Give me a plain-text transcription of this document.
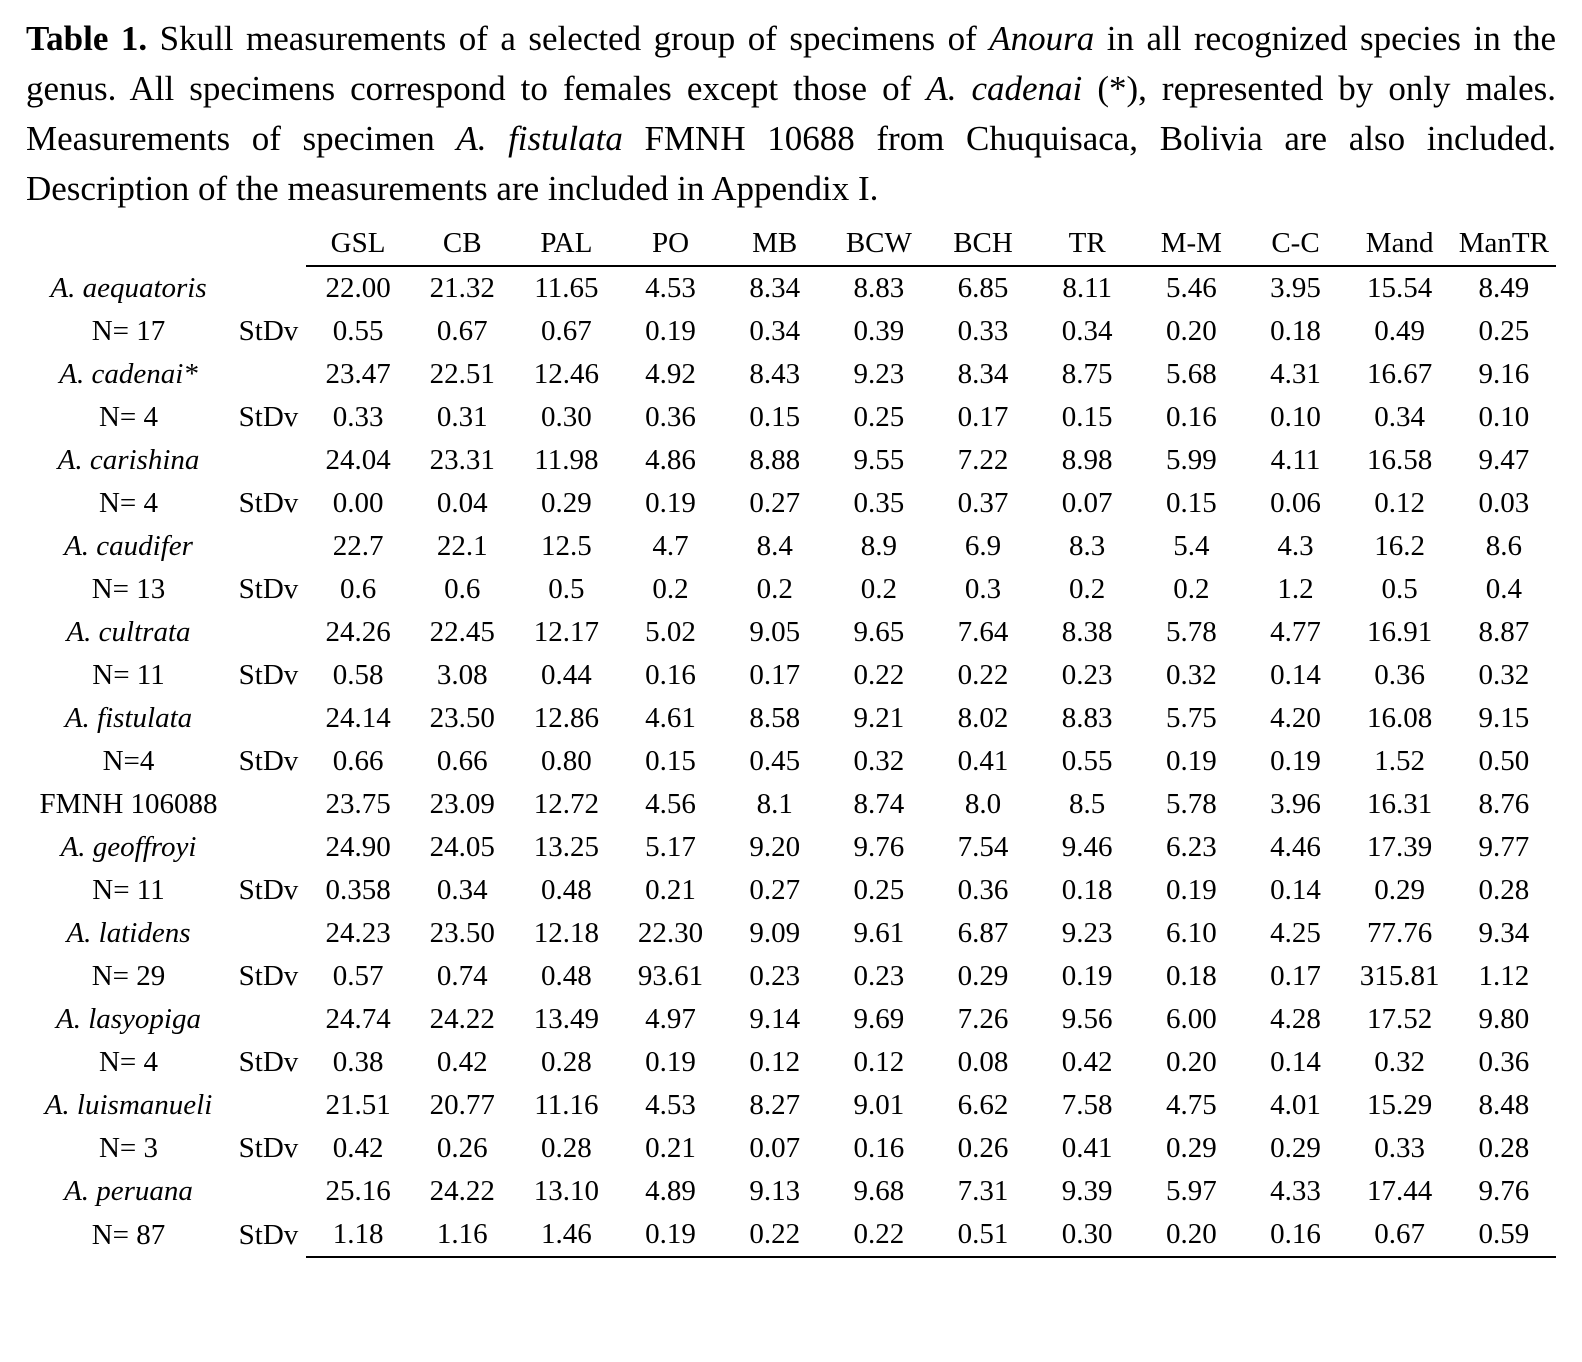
Table 1. Skull measurements of a selected group of specimens of Anoura in all recognized species in the genus. All specimens correspond to females except those of A. cadenai (*), represented by only males. Measurements of specimen A. fistulata FMNH 10688 from Chuquisaca, Bolivia are also included. Description of the measurements are included in Appendix I.

		GSL	CB	PAL	PO	MB	BCW	BCH	TR	M-M	C-C	Mand	ManTR
A. aequatoris		22.00	21.32	11.65	4.53	8.34	8.83	6.85	8.11	5.46	3.95	15.54	8.49
N= 17	StDv	0.55	0.67	0.67	0.19	0.34	0.39	0.33	0.34	0.20	0.18	0.49	0.25
A. cadenai*		23.47	22.51	12.46	4.92	8.43	9.23	8.34	8.75	5.68	4.31	16.67	9.16
N= 4	StDv	0.33	0.31	0.30	0.36	0.15	0.25	0.17	0.15	0.16	0.10	0.34	0.10
A. carishina		24.04	23.31	11.98	4.86	8.88	9.55	7.22	8.98	5.99	4.11	16.58	9.47
N= 4	StDv	0.00	0.04	0.29	0.19	0.27	0.35	0.37	0.07	0.15	0.06	0.12	0.03
A. caudifer		22.7	22.1	12.5	4.7	8.4	8.9	6.9	8.3	5.4	4.3	16.2	8.6
N= 13	StDv	0.6	0.6	0.5	0.2	0.2	0.2	0.3	0.2	0.2	1.2	0.5	0.4
A. cultrata		24.26	22.45	12.17	5.02	9.05	9.65	7.64	8.38	5.78	4.77	16.91	8.87
N= 11	StDv	0.58	3.08	0.44	0.16	0.17	0.22	0.22	0.23	0.32	0.14	0.36	0.32
A. fistulata		24.14	23.50	12.86	4.61	8.58	9.21	8.02	8.83	5.75	4.20	16.08	9.15
N=4	StDv	0.66	0.66	0.80	0.15	0.45	0.32	0.41	0.55	0.19	0.19	1.52	0.50
FMNH 106088		23.75	23.09	12.72	4.56	8.1	8.74	8.0	8.5	5.78	3.96	16.31	8.76
A. geoffroyi		24.90	24.05	13.25	5.17	9.20	9.76	7.54	9.46	6.23	4.46	17.39	9.77
N= 11	StDv	0.358	0.34	0.48	0.21	0.27	0.25	0.36	0.18	0.19	0.14	0.29	0.28
A. latidens		24.23	23.50	12.18	22.30	9.09	9.61	6.87	9.23	6.10	4.25	77.76	9.34
N= 29	StDv	0.57	0.74	0.48	93.61	0.23	0.23	0.29	0.19	0.18	0.17	315.81	1.12
A. lasyopiga		24.74	24.22	13.49	4.97	9.14	9.69	7.26	9.56	6.00	4.28	17.52	9.80
N= 4	StDv	0.38	0.42	0.28	0.19	0.12	0.12	0.08	0.42	0.20	0.14	0.32	0.36
A. luismanueli		21.51	20.77	11.16	4.53	8.27	9.01	6.62	7.58	4.75	4.01	15.29	8.48
N= 3	StDv	0.42	0.26	0.28	0.21	0.07	0.16	0.26	0.41	0.29	0.29	0.33	0.28
A. peruana		25.16	24.22	13.10	4.89	9.13	9.68	7.31	9.39	5.97	4.33	17.44	9.76
N= 87	StDv	1.18	1.16	1.46	0.19	0.22	0.22	0.51	0.30	0.20	0.16	0.67	0.59
